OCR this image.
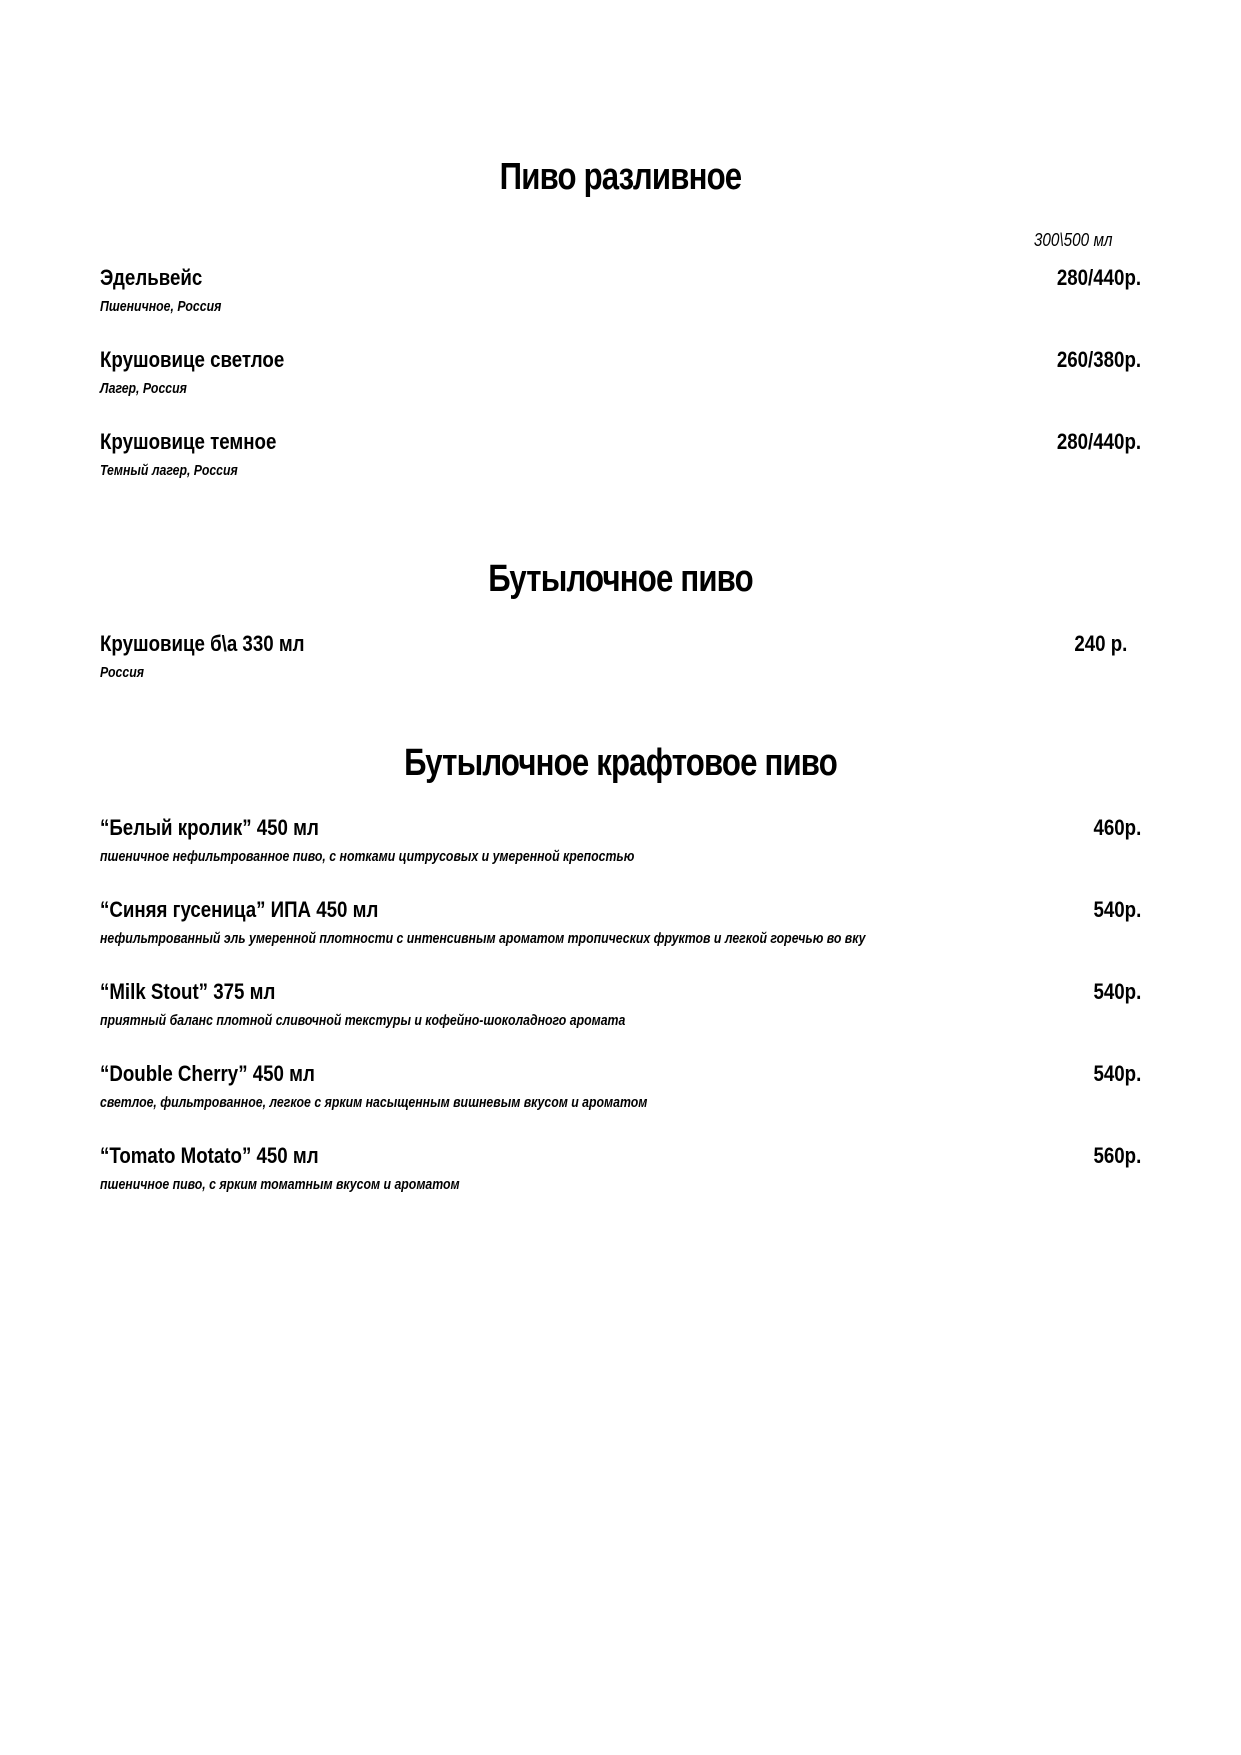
Пиво разливное
300\500 мл
Эдельвейс
Пшеничное, Россия
280/440р.
Крушовице светлое
Лагер, Россия
260/380р.
Крушовице темное
Темный лагер, Россия
280/440р.
Бутылочное пиво
Крушовице б\а 330 мл
Россия
240 р.
Бутылочное крафтовое пиво
“Белый кролик” 450 мл
пшеничное нефильтрованное пиво, с нотками цитрусовых и умеренной крепостью
460р.
“Синяя гусеница” ИПА 450 мл
нефильтрованный эль умеренной плотности с интенсивным ароматом тропических фруктов и легкой горечью во вку
540р.
“Milk Stout” 375 мл
приятный баланс плотной сливочной текстуры и кофейно-шоколадного аромата
540р.
“Double Cherry” 450 мл
светлое, фильтрованное, легкое с ярким насыщенным вишневым вкусом и ароматом
540р.
“Tomato Motato” 450 мл
пшеничное пиво, с ярким томатным вкусом и ароматом
560р.
